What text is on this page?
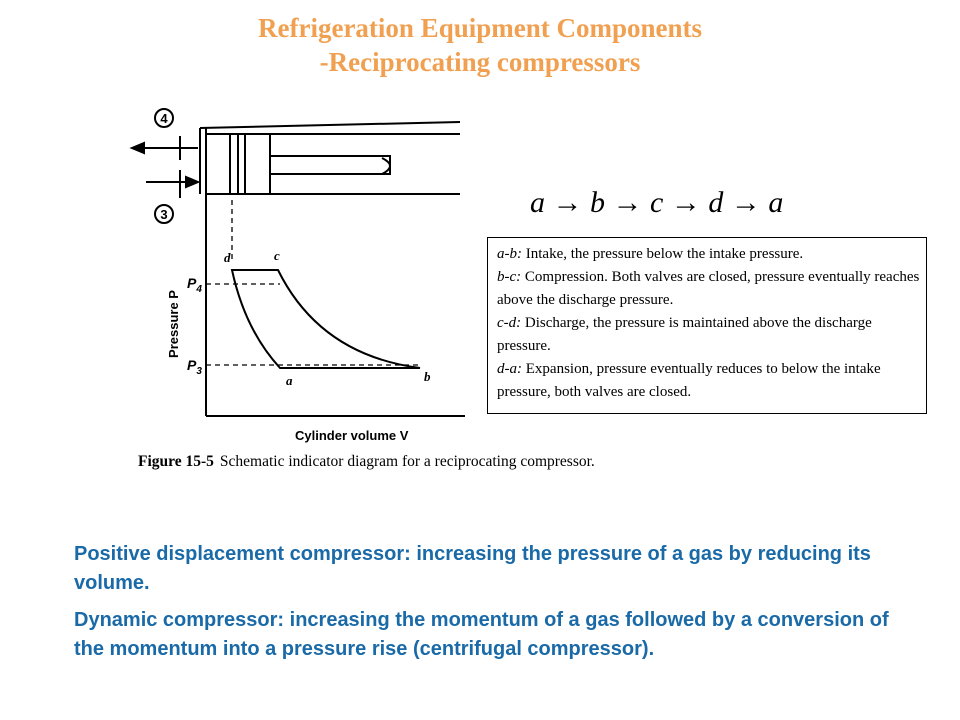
Refrigeration Equipment Components
-Reciprocating compressors
4
3
d	c
a	b
$P_4$
$P_3$
Pressure P
Cylinder volume V
a → b → c → d → a
a-b: Intake, the pressure below the intake pressure.
b-c: Compression. Both valves are closed, pressure eventually reaches above the discharge pressure.
c-d: Discharge, the pressure is maintained above the discharge pressure.
d-a: Expansion, pressure eventually reduces to below the intake pressure, both valves are closed.
Figure 15-5 Schematic indicator diagram for a reciprocating compressor.
Positive displacement compressor: increasing the pressure of a gas by reducing its volume.
Dynamic compressor: increasing the momentum of a gas followed by a conversion of the momentum into a pressure rise (centrifugal compressor).
